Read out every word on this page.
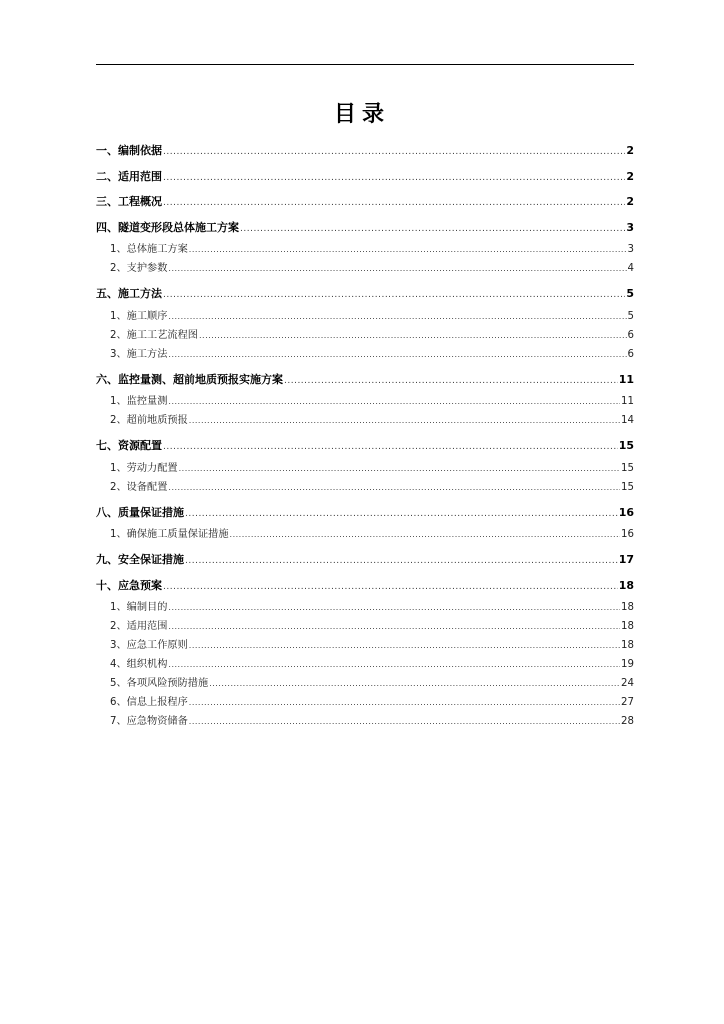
目录
一、编制依据 .....	2
二、适用范围 .....	2
三、工程概况 .....	2
四、隧道变形段总体施工方案 .....	3
1、总体施工方案 .....	3
2、支护参数 .....	4
五、施工方法 .....	5
1、施工顺序 .....	5
2、施工工艺流程图 .....	6
3、施工方法 .....	6
六、监控量测、超前地质预报实施方案 .....	11
1、监控量测 .....	11
2、超前地质预报 .....	14
七、资源配置 .....	15
1、劳动力配置 .....	15
2、设备配置 .....	15
八、质量保证措施 .....	16
1、确保施工质量保证措施 .....	16
九、安全保证措施 .....	17
十、应急预案 .....	18
1、编制目的 .....	18
2、适用范围 .....	18
3、应急工作原则 .....	18
4、组织机构 .....	19
5、各项风险预防措施 .....	24
6、信息上报程序 .....	27
7、应急物资储备 .....	28
